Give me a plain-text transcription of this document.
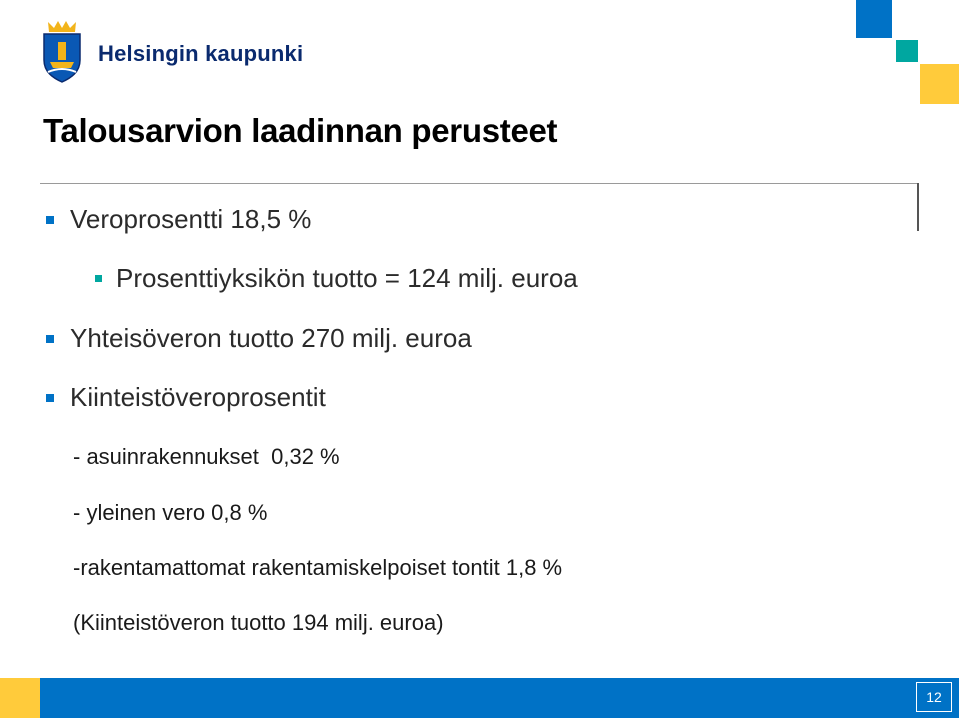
Helsingin kaupunki
Talousarvion laadinnan perusteet
Veroprosentti 18,5 %
Prosenttiyksikön tuotto = 124 milj. euroa
Yhteisöveron tuotto 270 milj. euroa
Kiinteistöveroprosentit
- asuinrakennukset  0,32 %
- yleinen vero 0,8 %
-rakentamattomat rakentamiskelpoiset tontit 1,8 %
(Kiinteistöveron tuotto 194 milj. euroa)
12
